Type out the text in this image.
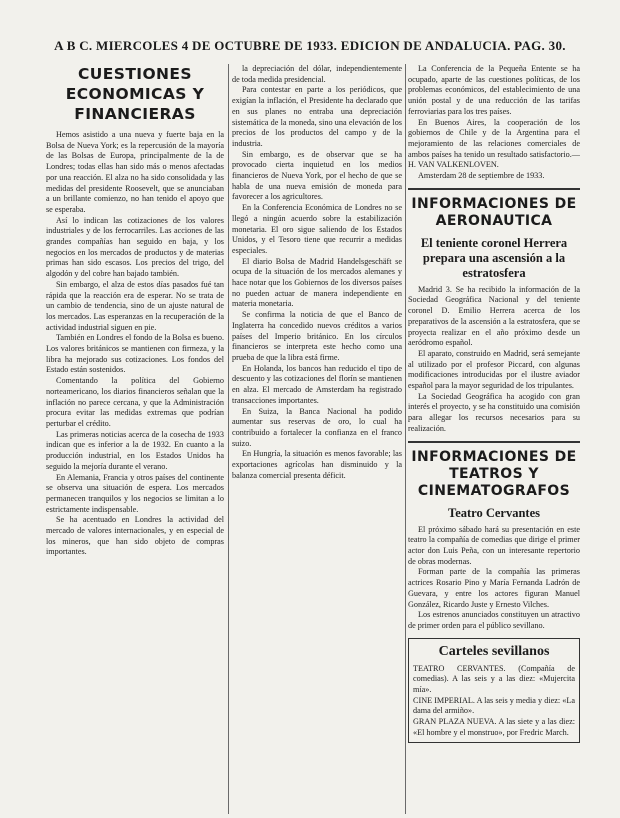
A B C. MIERCOLES 4 DE OCTUBRE DE 1933. EDICION DE ANDALUCIA. PAG. 30.
CUESTIONES ECONOMICAS Y FINANCIERAS

Hemos asistido a una nueva y fuerte baja en la Bolsa de Nueva York; es la repercusión de la mayoría de las Bolsas de Europa, principalmente de la de Londres; todas ellas han sido más o menos afectadas por una reacción. El alza no ha sido consolidada y las medidas del presidente Roosevelt, que se anunciaban a un brillante comienzo, no han tenido el apoyo que se esperaba.

Así lo indican las cotizaciones de los valores industriales y de los ferrocarriles. Las acciones de las grandes compañías han seguido en baja, y los negocios en los mercados de productos y de materias primas han sido escasos. Los precios del trigo, del algodón y del cobre han bajado también.

Sin embargo, el alza de estos días pasados fué tan rápida que la reacción era de esperar. No se trata de un cambio de tendencia, sino de un ajuste natural de los mercados. Las esperanzas en la recuperación de la actividad industrial siguen en pie.

También en Londres el fondo de la Bolsa es bueno. Los valores británicos se mantienen con firmeza, y la libra ha mejorado sus cotizaciones. Los fondos del Estado están sostenidos.

Comentando la política del Gobierno norteamericano, los diarios financieros señalan que la inflación no parece cercana, y que la Administración procura evitar las medidas extremas que podrían perturbar el crédito.

Las primeras noticias acerca de la cosecha de 1933 indican que es inferior a la de 1932. En cuanto a la producción industrial, en los Estados Unidos ha seguido la mejoría durante el verano.

En Alemania, Francia y otros países del continente se observa una situación de espera. Los mercados permanecen tranquilos y los negocios se limitan a lo estrictamente indispensable.

Se ha acentuado en Londres la actividad del mercado de valores internacionales, y en especial de los mineros, que han sido objeto de compras importantes.

la depreciación del dólar, independientemente de toda medida presidencial.

Para contestar en parte a los periódicos, que exigían la inflación, el Presidente ha declarado que en sus planes no entraba una depreciación sistemática de la moneda, sino una elevación de los precios de los productos del campo y de la industria.

Sin embargo, es de observar que se ha provocado cierta inquietud en los medios financieros de Nueva York, por el hecho de que se habla de una nueva emisión de moneda para favorecer a los agricultores.

En la Conferencia Económica de Londres no se llegó a ningún acuerdo sobre la estabilización monetaria. El oro sigue saliendo de los Estados Unidos, y el Tesoro tiene que recurrir a medidas especiales.

El diario Bolsa de Madrid Handelsgeschäft se ocupa de la situación de los mercados alemanes y hace notar que los Gobiernos de los diversos países no pueden actuar de manera independiente en materia monetaria.

Se confirma la noticia de que el Banco de Inglaterra ha concedido nuevos créditos a varios países del Imperio británico. En los círculos financieros se interpreta este hecho como una prueba de que la libra está firme.

En Holanda, los bancos han reducido el tipo de descuento y las cotizaciones del florín se mantienen en alza. El mercado de Amsterdam ha registrado transacciones importantes.

En Suiza, la Banca Nacional ha podido aumentar sus reservas de oro, lo cual ha contribuido a fortalecer la confianza en el franco suizo.

En Hungría, la situación es menos favorable; las exportaciones agrícolas han disminuido y la balanza comercial presenta déficit.

La Conferencia de la Pequeña Entente se ha ocupado, aparte de las cuestiones políticas, de los problemas económicos, del establecimiento de una unión postal y de una reducción de las tarifas ferroviarias para los tres países.

En Buenos Aires, la cooperación de los gobiernos de Chile y de la Argentina para el mejoramiento de las relaciones comerciales de ambos países ha tenido un resultado satisfactorio.—H. VAN VALKENLOVEN.

Amsterdam 28 de septiembre de 1933.

INFORMACIONES DE AERONAUTICA
El teniente coronel Herrera prepara una ascensión a la estratosfera

Madrid 3. Se ha recibido la información de la Sociedad Geográfica Nacional y del teniente coronel D. Emilio Herrera acerca de los preparativos de la ascensión a la estratosfera, que se proyecta realizar en el año próximo desde un aeródromo español.

El aparato, construido en Madrid, será semejante al utilizado por el profesor Piccard, con algunas modificaciones introducidas por el ilustre aviador español para la mayor seguridad de los tripulantes.

La Sociedad Geográfica ha acogido con gran interés el proyecto, y se ha constituido una comisión para allegar los recursos necesarios para su realización.

INFORMACIONES DE TEATROS Y CINEMATOGRAFOS
Teatro Cervantes

El próximo sábado hará su presentación en este teatro la compañía de comedias que dirige el primer actor don Luis Peña, con un interesante repertorio de obras modernas.

Forman parte de la compañía las primeras actrices Rosario Pino y María Fernanda Ladrón de Guevara, y entre los actores figuran Manuel González, Ricardo Juste y Ernesto Vilches.

Los estrenos anunciados constituyen un atractivo de primer orden para el público sevillano.

Carteles sevillanos

TEATRO CERVANTES. (Compañía de comedias). A las seis y a las diez: «Mujercita mía».

CINE IMPERIAL. A las seis y media y diez: «La dama del armiño».

GRAN PLAZA NUEVA. A las siete y a las diez: «El hombre y el monstruo», por Fredric March.
